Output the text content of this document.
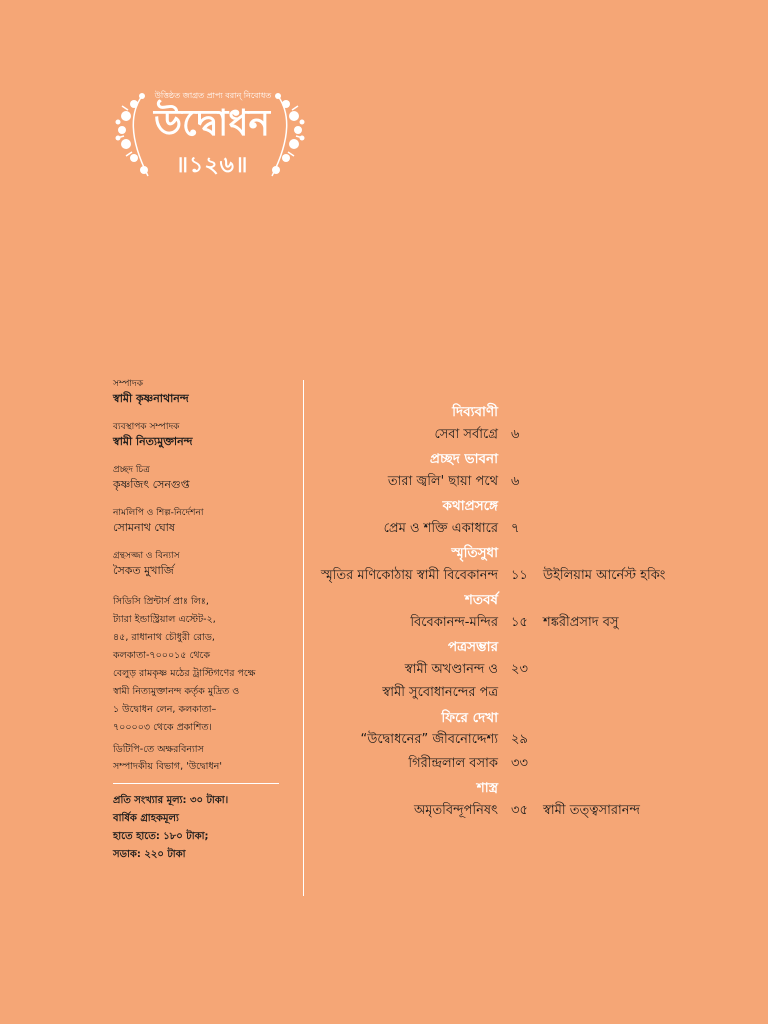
উত্তিষ্ঠত জাগ্রত প্রাপ্য বরান্ নিবোধত
উদ্বোধন
॥১২৬॥
সম্পাদক
স্বামী কৃষ্ণনাথানন্দ
ব্যবস্থাপক সম্পাদক
স্বামী নিত্যমুক্তানন্দ
প্রচ্ছদ চিত্র
কৃষ্ণজিৎ সেনগুপ্ত
নামলিপি ও শিল্প-নির্দেশনা
সোমনাথ ঘোষ
গ্রন্থসজ্জা ও বিন্যাস
সৈকত মুখার্জি
সিডিসি প্রিন্টার্স প্রাঃ লিঃ,
ট্যারা ইন্ডাস্ট্রিয়াল এস্টেট-২,
৪৫, রাধানাথ চৌধুরী রোড,
কলকাতা-৭০০০১৫ থেকে
বেলুড় রামকৃষ্ণ মঠের ট্রাস্টিগণের পক্ষে
স্বামী নিত্যমুক্তানন্দ কর্তৃক মুদ্রিত ও
১ উদ্বোধন লেন, কলকাতা–
৭০০০০৩ থেকে প্রকাশিত।
ডিটিপি-তে অক্ষরবিন্যাস
সম্পাদকীয় বিভাগ, 'উদ্বোধন'
প্রতি সংখ্যার মূল্য: ৩০ টাকা।
বার্ষিক গ্রাহকমূল্য
হাতে হাতে: ১৮০ টাকা;
সডাক: ২২০ টাকা
দিব্যবাণী
সেবা সর্বাগ্রে ৬
প্রচ্ছদ ভাবনা
তারা জ্বলি' ছায়া পথে ৬
কথাপ্রসঙ্গে
প্রেম ও শক্তি একাধারে ৭
স্মৃতিসুধা
স্মৃতির মণিকোঠায় স্বামী বিবেকানন্দ ১১ উইলিয়াম আর্নেস্ট হকিং
শতবর্ষ
বিবেকানন্দ-মন্দির ১৫ শঙ্করীপ্রসাদ বসু
পত্রসম্ভার
স্বামী অখণ্ডানন্দ ও ২৩
স্বামী সুবোধানন্দের পত্র
ফিরে দেখা
“উদ্বোধনের” জীবনোদ্দেশ্য ২৯
গিরীন্দ্রলাল বসাক ৩৩
শাস্ত্র
অমৃতবিন্দূপনিষৎ ৩৫ স্বামী তত্ত্বসারানন্দ
